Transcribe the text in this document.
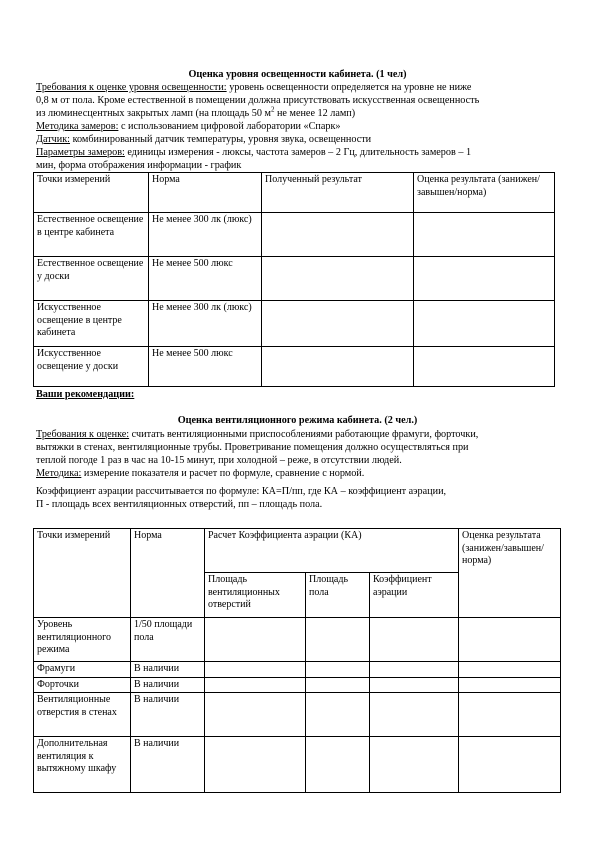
Оценка уровня освещенности кабинета. (1 чел)
Требования к оценке уровня освещенности: уровень освещенности определяется на уровне не ниже
0,8 м от пола. Кроме естественной в помещении должна присутствовать искусственная освещенность
из люминесцентных закрытых ламп (на площадь 50 $м^2$ не менее 12 ламп)
Методика замеров: с использованием цифровой лаборатории «Спарк»
Датчик: комбинированный датчик температуры, уровня звука, освещенности
Параметры замеров: единицы измерения - люксы, частота замеров – 2 Гц, длительность замеров – 1
мин, форма отображения информации - график
Точки измерений	Норма	Полученный результат	Оценка результата (занижен/завышен/норма)
Естественное освещение в центре кабинета	Не менее 300 лк (люкс)		
Естественное освещение у доски	Не менее 500 люкс		
Искусственное освещение в центре кабинета	Не менее 300 лк (люкс)		
Искусственное освещение у доски	Не менее 500 люкс		
Ваши рекомендации:
Оценка вентиляционного режима кабинета. (2 чел.)
Требования к оценке: считать вентиляционными приспособлениями работающие фрамуги, форточки,
вытяжки в стенах, вентиляционные трубы. Проветривание помещения должно осуществляться при
теплой погоде 1 раз в час на 10-15 минут, при холодной – реже, в отсутствии людей.
Методика: измерение показателя и расчет по формуле, сравнение с нормой.
Коэффициент аэрации рассчитывается по формуле: КА=П/пп, где КА – коэффициент аэрации,
П - площадь всех вентиляционных отверстий, пп – площадь пола.
Точки измерений	Норма	Расчет Коэффициента аэрации (КА)			Оценка результата (занижен/завышен/норма)
		Площадь вентиляционных отверстий	Площадь пола	Коэффициент аэрации	
Уровень вентиляционного режима	1/50 площади пола				
Фрамуги	В наличии				
Форточки	В наличии				
Вентиляционные отверстия в стенах	В наличии				
Дополнительная вентиляция к вытяжному шкафу	В наличии				
